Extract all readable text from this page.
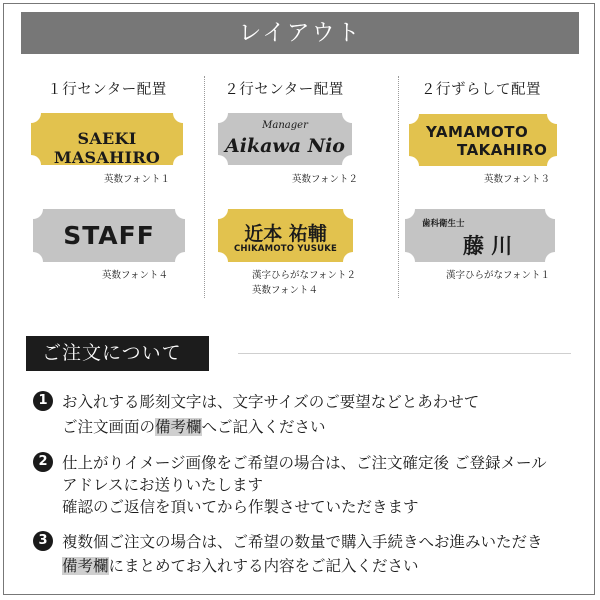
レイアウト
１行センター配置	２行センター配置	２行ずらして配置
SAEKI MASAHIRO
英数フォント１
Manager
Aikawa Nio
英数フォント２
YAMAMOTO
TAKAHIRO
英数フォント３
STAFF
英数フォント４
近本 祐輔
CHIKAMOTO YUSUKE
漢字ひらがなフォント２
英数フォント４
歯科衛生士
藤 川
漢字ひらがなフォント１
ご注文について
1 お入れする彫刻文字は、文字サイズのご要望などとあわせて
ご注文画面の備考欄へご記入ください
2 仕上がりイメージ画像をご希望の場合は、ご注文確定後 ご登録メール
アドレスにお送りいたします
確認のご返信を頂いてから作製させていただきます
3 複数個ご注文の場合は、ご希望の数量で購入手続きへお進みいただき
備考欄にまとめてお入れする内容をご記入ください
